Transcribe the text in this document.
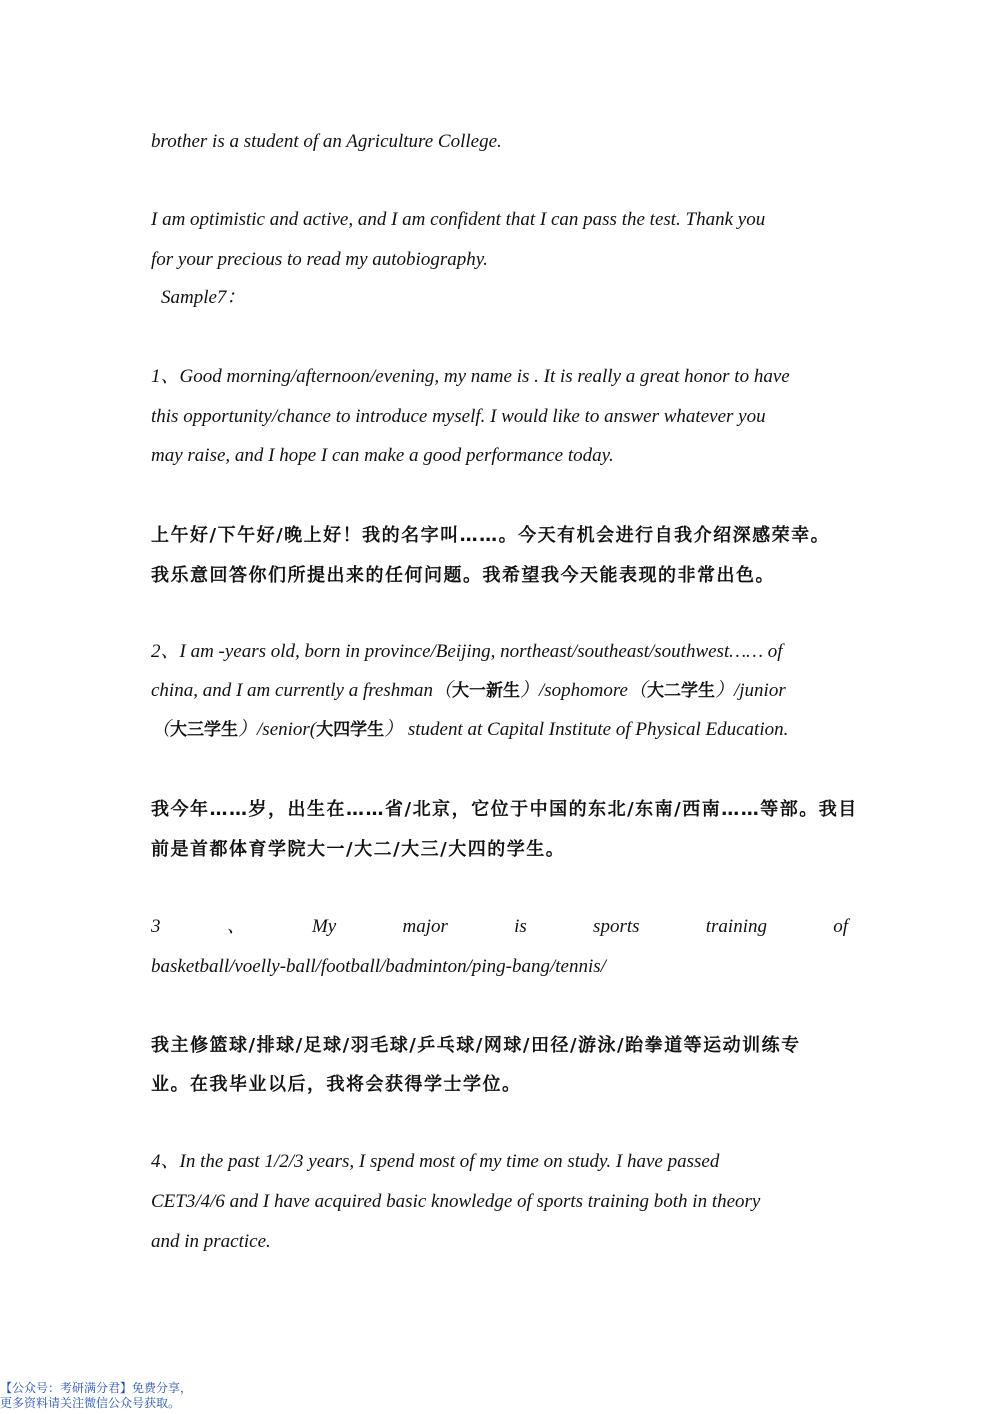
brother is a student of an Agriculture College.
I am optimistic and active, and I am confident that I can pass the test. Thank you
for your precious to read my autobiography.
Sample7：
1、Good morning/afternoon/evening, my name is . It is really a great honor to have
this opportunity/chance to introduce myself. I would like to answer whatever you
may raise, and I hope I can make a good performance today.
上午好/下午好/晚上好！我的名字叫……。今天有机会进行自我介绍深感荣幸。
我乐意回答你们所提出来的任何问题。我希望我今天能表现的非常出色。
2、I am -years old, born in province/Beijing, northeast/southeast/southwest…… of
china, and I am currently a freshman（大一新生）/sophomore（大二学生）/junior
（大三学生）/senior(大四学生） student at Capital Institute of Physical Education.
我今年……岁，出生在……省/北京，它位于中国的东北/东南/西南……等部。我目
前是首都体育学院大一/大二/大三/大四的学生。
3	、	My	major	is	sports	training	of
basketball/voelly-ball/football/badminton/ping-bang/tennis/
我主修篮球/排球/足球/羽毛球/乒乓球/网球/田径/游泳/跆拳道等运动训练专
业。在我毕业以后，我将会获得学士学位。
4、In the past 1/2/3 years, I spend most of my time on study. I have passed
CET3/4/6 and I have acquired basic knowledge of sports training both in theory
and in practice.
【公众号：考研满分君】免费分享，
更多资料请关注微信公众号获取。
